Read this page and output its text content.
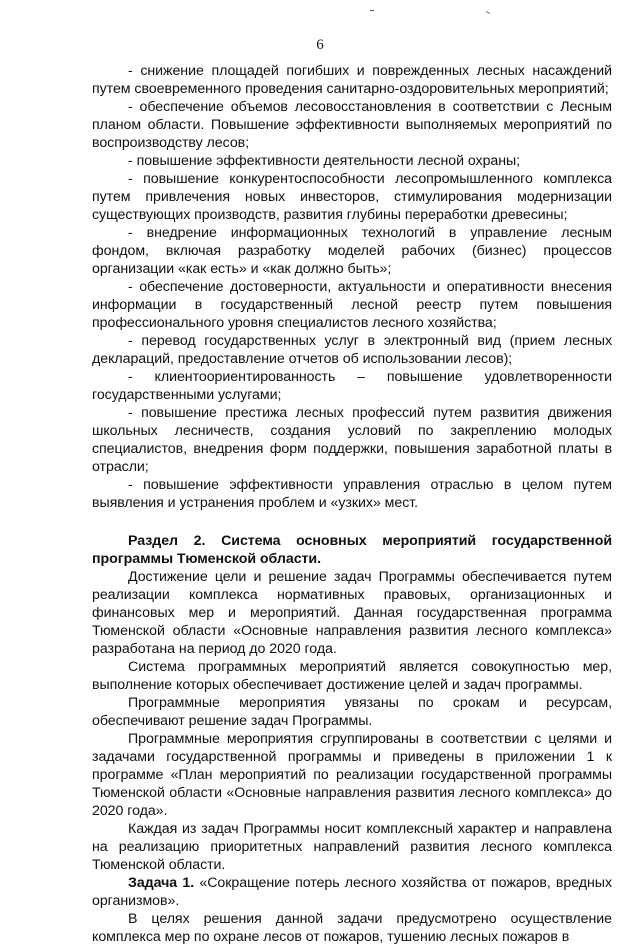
6

- снижение площадей погибших и поврежденных лесных насаждений путем своевременного проведения санитарно-оздоровительных мероприятий;

- обеспечение объемов лесовосстановления в соответствии с Лесным планом области. Повышение эффективности выполняемых мероприятий по воспроизводству лесов;

- повышение эффективности деятельности лесной охраны;

- повышение конкурентоспособности лесопромышленного комплекса путем привлечения новых инвесторов, стимулирования модернизации существующих производств, развития глубины переработки древесины;

- внедрение информационных технологий в управление лесным фондом, включая разработку моделей рабочих (бизнес) процессов организации «как есть» и «как должно быть»;

- обеспечение достоверности, актуальности и оперативности внесения информации в государственный лесной реестр путем повышения профессионального уровня специалистов лесного хозяйства;

- перевод государственных услуг в электронный вид (прием лесных деклараций, предоставление отчетов об использовании лесов);

- клиентоориентированность – повышение удовлетворенности государственными услугами;

- повышение престижа лесных профессий путем развития движения школьных лесничеств, создания условий по закреплению молодых специалистов, внедрения форм поддержки, повышения заработной платы в отрасли;

- повышение эффективности управления отраслью в целом путем выявления и устранения проблем и «узких» мест.

Раздел 2. Система основных мероприятий государственной программы Тюменской области.

Достижение цели и решение задач Программы обеспечивается путем реализации комплекса нормативных правовых, организационных и финансовых мер и мероприятий. Данная государственная программа Тюменской области «Основные направления развития лесного комплекса» разработана на период до 2020 года.

Система программных мероприятий является совокупностью мер, выполнение которых обеспечивает достижение целей и задач программы.

Программные мероприятия увязаны по срокам и ресурсам, обеспечивают решение задач Программы.

Программные мероприятия сгруппированы в соответствии с целями и задачами государственной программы и приведены в приложении 1 к программе «План мероприятий по реализации государственной программы Тюменской области «Основные направления развития лесного комплекса» до 2020 года».

Каждая из задач Программы носит комплексный характер и направлена на реализацию приоритетных направлений развития лесного комплекса Тюменской области.

Задача 1. «Сокращение потерь лесного хозяйства от пожаров, вредных организмов».

В целях решения данной задачи предусмотрено осуществление комплекса мер по охране лесов от пожаров, тушению лесных пожаров в
